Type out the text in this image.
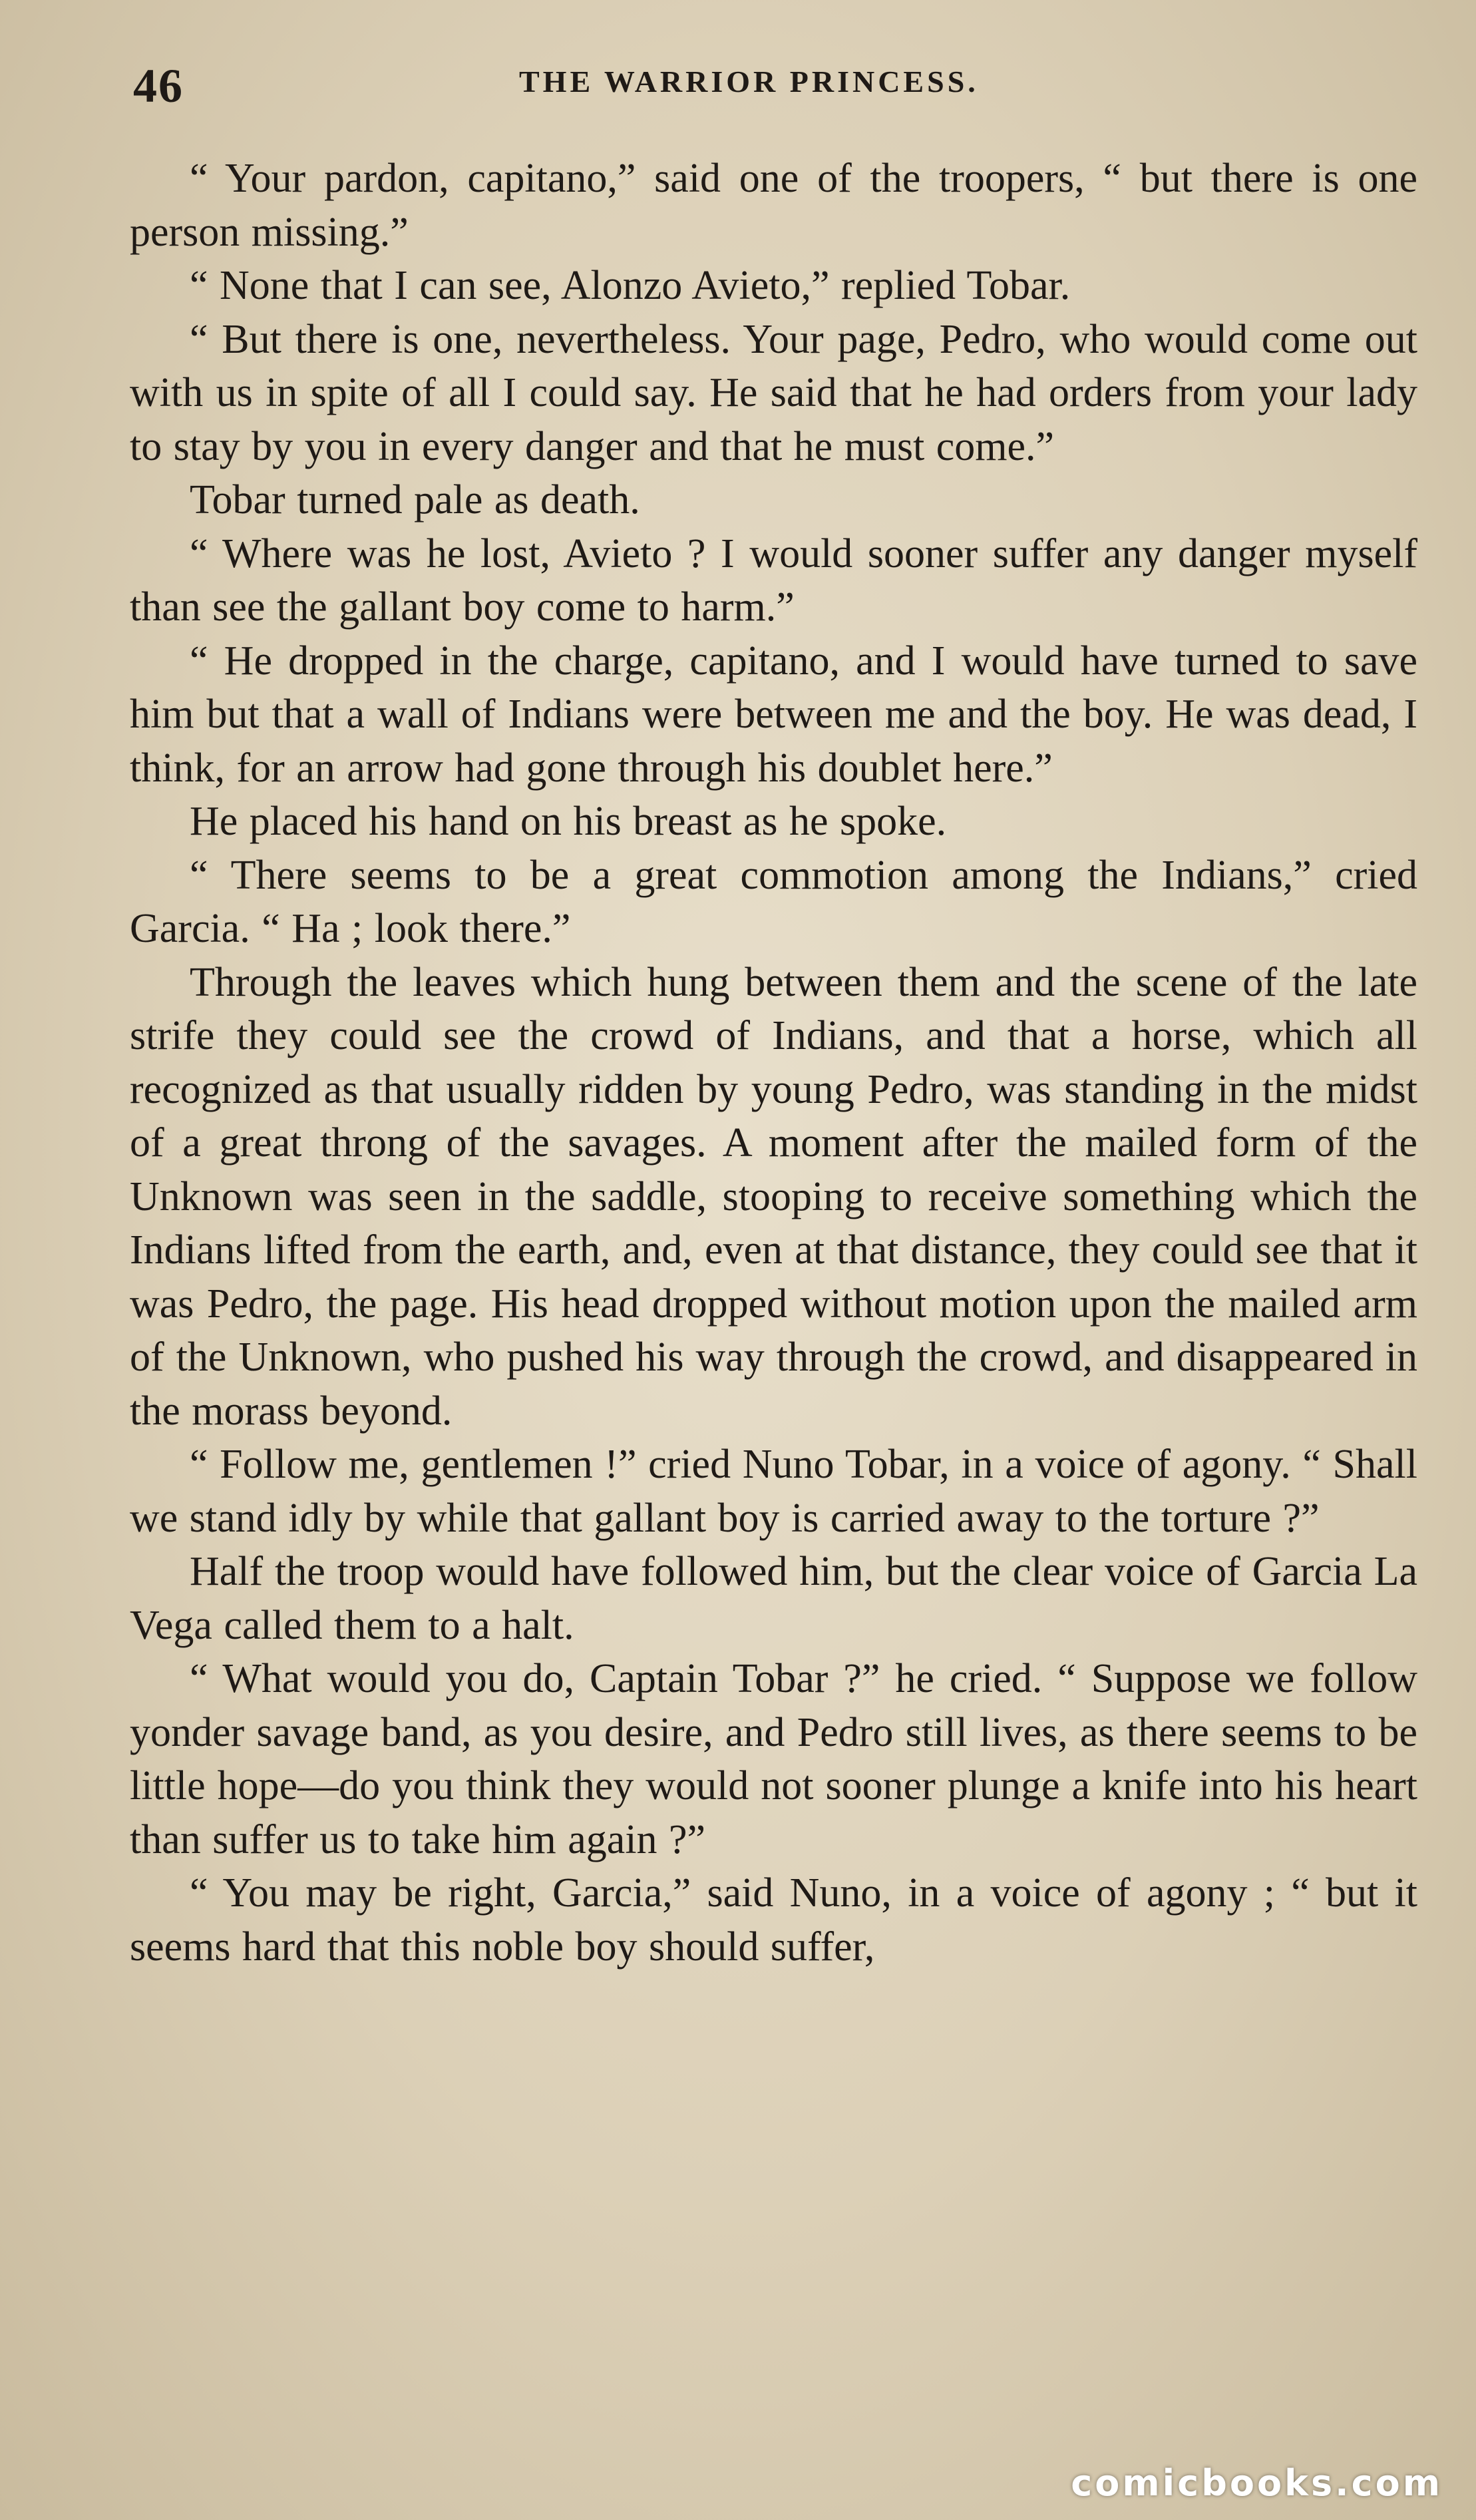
46	THE WARRIOR PRINCESS.

“ Your pardon, capitano,” said one of the troopers, “ but there is one person missing.”

“ None that I can see, Alonzo Avieto,” replied Tobar.

“ But there is one, nevertheless. Your page, Pedro, who would come out with us in spite of all I could say. He said that he had orders from your lady to stay by you in every danger and that he must come.”

Tobar turned pale as death.

“ Where was he lost, Avieto ? I would sooner suffer any danger myself than see the gallant boy come to harm.”

“ He dropped in the charge, capitano, and I would have turned to save him but that a wall of Indians were between me and the boy. He was dead, I think, for an arrow had gone through his doublet here.”

He placed his hand on his breast as he spoke.

“ There seems to be a great commotion among the Indians,” cried Garcia. “ Ha ; look there.”

Through the leaves which hung between them and the scene of the late strife they could see the crowd of Indians, and that a horse, which all recognized as that usually ridden by young Pedro, was standing in the midst of a great throng of the savages. A moment after the mailed form of the Unknown was seen in the saddle, stooping to receive something which the Indians lifted from the earth, and, even at that distance, they could see that it was Pedro, the page. His head dropped without motion upon the mailed arm of the Unknown, who pushed his way through the crowd, and disappeared in the morass beyond.

“ Follow me, gentlemen !” cried Nuno Tobar, in a voice of agony. “ Shall we stand idly by while that gallant boy is carried away to the torture ?”

Half the troop would have followed him, but the clear voice of Garcia La Vega called them to a halt.

“ What would you do, Captain Tobar ?” he cried. “ Suppose we follow yonder savage band, as you desire, and Pedro still lives, as there seems to be little hope—do you think they would not sooner plunge a knife into his heart than suffer us to take him again ?”

“ You may be right, Garcia,” said Nuno, in a voice of agony ; “ but it seems hard that this noble boy should suffer,

comicbooks.com
